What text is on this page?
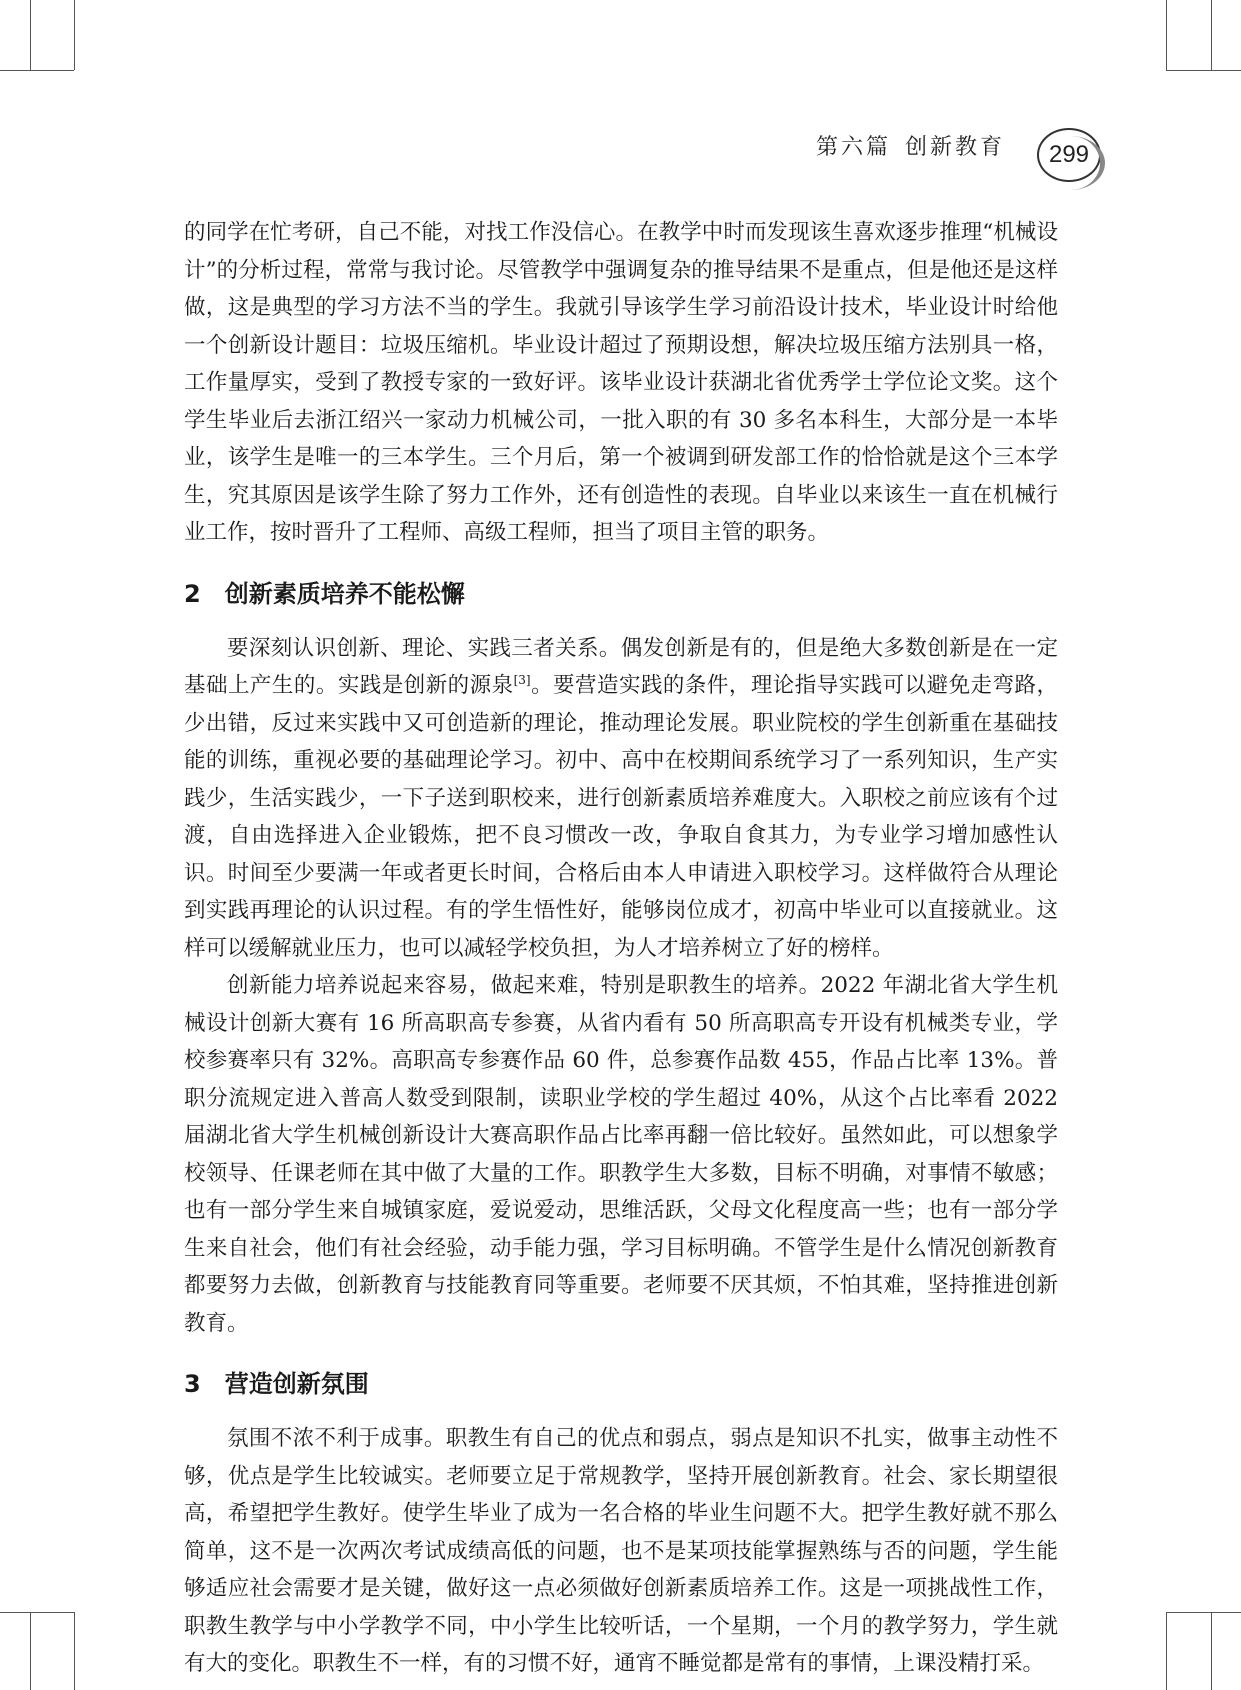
第六篇 创新教育	299

的同学在忙考研，自己不能，对找工作没信心。在教学中时而发现该生喜欢逐步推理“机械设计”的分析过程，常常与我讨论。尽管教学中强调复杂的推导结果不是重点，但是他还是这样做，这是典型的学习方法不当的学生。我就引导该学生学习前沿设计技术，毕业设计时给他一个创新设计题目：垃圾压缩机。毕业设计超过了预期设想，解决垃圾压缩方法别具一格，工作量厚实，受到了教授专家的一致好评。该毕业设计获湖北省优秀学士学位论文奖。这个学生毕业后去浙江绍兴一家动力机械公司，一批入职的有 30 多名本科生，大部分是一本毕业，该学生是唯一的三本学生。三个月后，第一个被调到研发部工作的恰恰就是这个三本学生，究其原因是该学生除了努力工作外，还有创造性的表现。自毕业以来该生一直在机械行业工作，按时晋升了工程师、高级工程师，担当了项目主管的职务。

2 创新素质培养不能松懈

要深刻认识创新、理论、实践三者关系。偶发创新是有的，但是绝大多数创新是在一定基础上产生的。实践是创新的源泉[3]。要营造实践的条件，理论指导实践可以避免走弯路，少出错，反过来实践中又可创造新的理论，推动理论发展。职业院校的学生创新重在基础技能的训练，重视必要的基础理论学习。初中、高中在校期间系统学习了一系列知识，生产实践少，生活实践少，一下子送到职校来，进行创新素质培养难度大。入职校之前应该有个过渡，自由选择进入企业锻炼，把不良习惯改一改，争取自食其力，为专业学习增加感性认识。时间至少要满一年或者更长时间，合格后由本人申请进入职校学习。这样做符合从理论到实践再理论的认识过程。有的学生悟性好，能够岗位成才，初高中毕业可以直接就业。这样可以缓解就业压力，也可以减轻学校负担，为人才培养树立了好的榜样。

创新能力培养说起来容易，做起来难，特别是职教生的培养。2022 年湖北省大学生机械设计创新大赛有 16 所高职高专参赛，从省内看有 50 所高职高专开设有机械类专业，学校参赛率只有 32%。高职高专参赛作品 60 件，总参赛作品数 455，作品占比率 13%。普职分流规定进入普高人数受到限制，读职业学校的学生超过 40%，从这个占比率看 2022 届湖北省大学生机械创新设计大赛高职作品占比率再翻一倍比较好。虽然如此，可以想象学校领导、任课老师在其中做了大量的工作。职教学生大多数，目标不明确，对事情不敏感；也有一部分学生来自城镇家庭，爱说爱动，思维活跃，父母文化程度高一些；也有一部分学生来自社会，他们有社会经验，动手能力强，学习目标明确。不管学生是什么情况创新教育都要努力去做，创新教育与技能教育同等重要。老师要不厌其烦，不怕其难，坚持推进创新教育。

3 营造创新氛围

氛围不浓不利于成事。职教生有自己的优点和弱点，弱点是知识不扎实，做事主动性不够，优点是学生比较诚实。老师要立足于常规教学，坚持开展创新教育。社会、家长期望很高，希望把学生教好。使学生毕业了成为一名合格的毕业生问题不大。把学生教好就不那么简单，这不是一次两次考试成绩高低的问题，也不是某项技能掌握熟练与否的问题，学生能够适应社会需要才是关键，做好这一点必须做好创新素质培养工作。这是一项挑战性工作，职教生教学与中小学教学不同，中小学生比较听话，一个星期，一个月的教学努力，学生就有大的变化。职教生不一样，有的习惯不好，通宵不睡觉都是常有的事情，上课没精打采。
